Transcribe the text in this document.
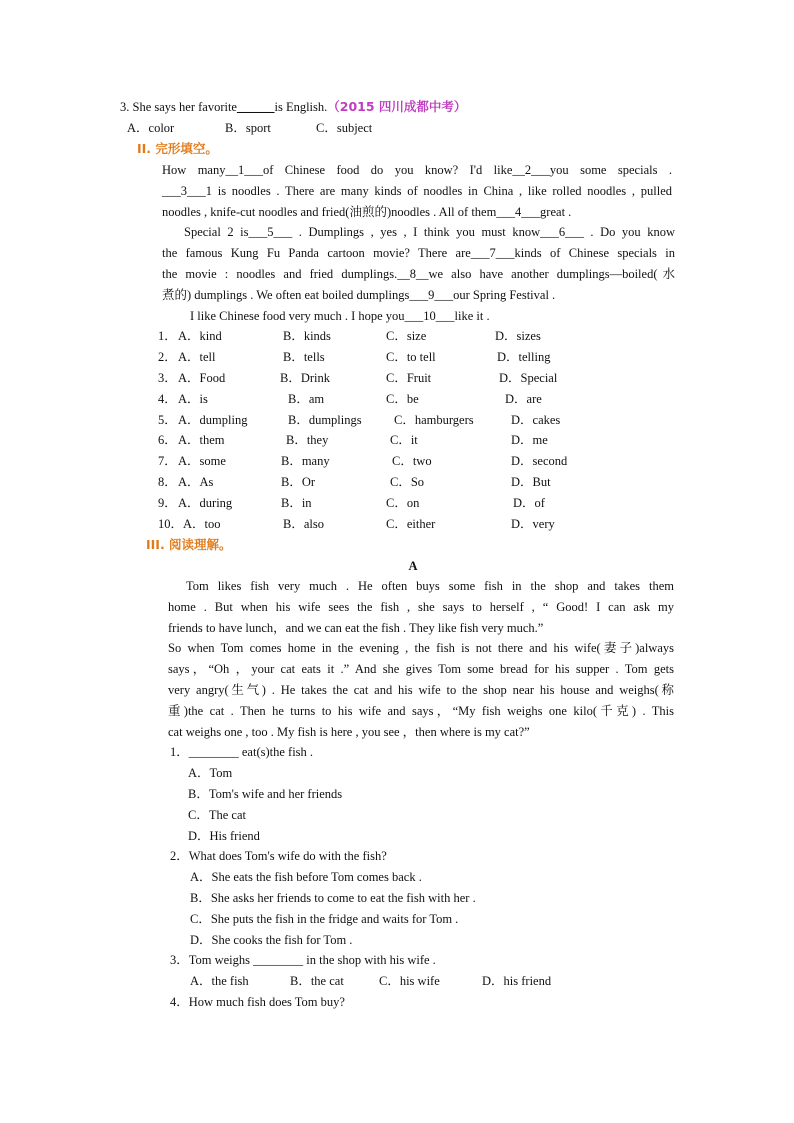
3. She says her favorite______is English.（2015 四川成都中考）
A．color	B．sport	C．subject
II. 完形填空。
How many__1___of Chinese food do you know? I'd like__2___you some specials .
___3___1 is noodles . There are many kinds of noodles in China , like rolled noodles , pulled
noodles , knife-cut noodles and fried(油煎的)noodles . All of them___4___great .
Special 2 is___5___ . Dumplings , yes , I think you must know___6___ . Do you know
the famous Kung Fu Panda cartoon movie? There are___7___kinds of Chinese specials in
the movie : noodles and fried dumplings.__8__we also have another dumplings—boiled(水
煮的) dumplings . We often eat boiled dumplings___9___our Spring Festival .
I like Chinese food very much . I hope you___10___like it .
1． A．kind	B．kinds	C．size	D．sizes
2． A．tell	B．tells	C．to tell	D．telling
3． A．Food	B．Drink	C．Fruit	D．Special
4． A．is	B．am	C．be	D．are
5． A．dumpling	B．dumplings	C．hamburgers	D．cakes
6． A．them	B．they	C．it	D．me
7． A．some	B．many	C．two	D．second
8． A．As	B．Or	C．So	D．But
9． A．during	B．in	C．on	D．of
10． A．too	B．also	C．either	D．very
III. 阅读理解。
A
Tom likes fish very much . He often buys some fish in the shop and takes them
home . But when his wife sees the fish , she says to herself , “ Good! I can ask my
friends to have lunch，and we can eat the fish . They like fish very much.”
So when Tom comes home in the evening , the fish is not there and his wife(妻子)always
says，“Oh ，your cat eats it .” And she gives Tom some bread for his supper . Tom gets
very angry(生气) . He takes the cat and his wife to the shop near his house and weighs(称
重)the cat . Then he turns to his wife and says，“My fish weighs one kilo(千克) . This
cat weighs one , too . My fish is here , you see ，then where is my cat?”
1．________ eat(s)the fish .
A．Tom
B．Tom's wife and her friends
C．The cat
D．His friend
2．What does Tom's wife do with the fish?
A．She eats the fish before Tom comes back .
B．She asks her friends to come to eat the fish with her .
C．She puts the fish in the fridge and waits for Tom .
D．She cooks the fish for Tom .
3．Tom weighs ________ in the shop with his wife .
A．the fish	B．the cat	C．his wife	D．his friend
4．How much fish does Tom buy?
